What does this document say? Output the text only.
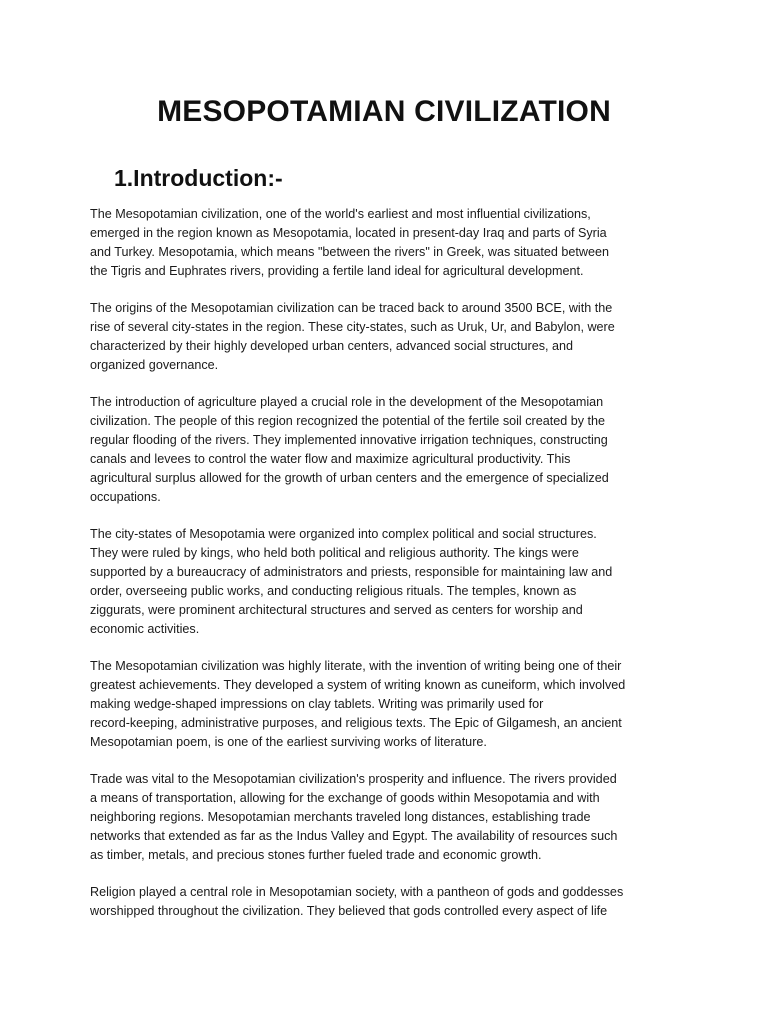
MESOPOTAMIAN CIVILIZATION
1.Introduction:-

The Mesopotamian civilization, one of the world's earliest and most influential civilizations,
emerged in the region known as Mesopotamia, located in present-day Iraq and parts of Syria
and Turkey. Mesopotamia, which means "between the rivers" in Greek, was situated between
the Tigris and Euphrates rivers, providing a fertile land ideal for agricultural development.

The origins of the Mesopotamian civilization can be traced back to around 3500 BCE, with the
rise of several city-states in the region. These city-states, such as Uruk, Ur, and Babylon, were
characterized by their highly developed urban centers, advanced social structures, and
organized governance.

The introduction of agriculture played a crucial role in the development of the Mesopotamian
civilization. The people of this region recognized the potential of the fertile soil created by the
regular flooding of the rivers. They implemented innovative irrigation techniques, constructing
canals and levees to control the water flow and maximize agricultural productivity. This
agricultural surplus allowed for the growth of urban centers and the emergence of specialized
occupations.

The city-states of Mesopotamia were organized into complex political and social structures.
They were ruled by kings, who held both political and religious authority. The kings were
supported by a bureaucracy of administrators and priests, responsible for maintaining law and
order, overseeing public works, and conducting religious rituals. The temples, known as
ziggurats, were prominent architectural structures and served as centers for worship and
economic activities.

The Mesopotamian civilization was highly literate, with the invention of writing being one of their
greatest achievements. They developed a system of writing known as cuneiform, which involved
making wedge-shaped impressions on clay tablets. Writing was primarily used for
record-keeping, administrative purposes, and religious texts. The Epic of Gilgamesh, an ancient
Mesopotamian poem, is one of the earliest surviving works of literature.

Trade was vital to the Mesopotamian civilization's prosperity and influence. The rivers provided
a means of transportation, allowing for the exchange of goods within Mesopotamia and with
neighboring regions. Mesopotamian merchants traveled long distances, establishing trade
networks that extended as far as the Indus Valley and Egypt. The availability of resources such
as timber, metals, and precious stones further fueled trade and economic growth.

Religion played a central role in Mesopotamian society, with a pantheon of gods and goddesses
worshipped throughout the civilization. They believed that gods controlled every aspect of life
